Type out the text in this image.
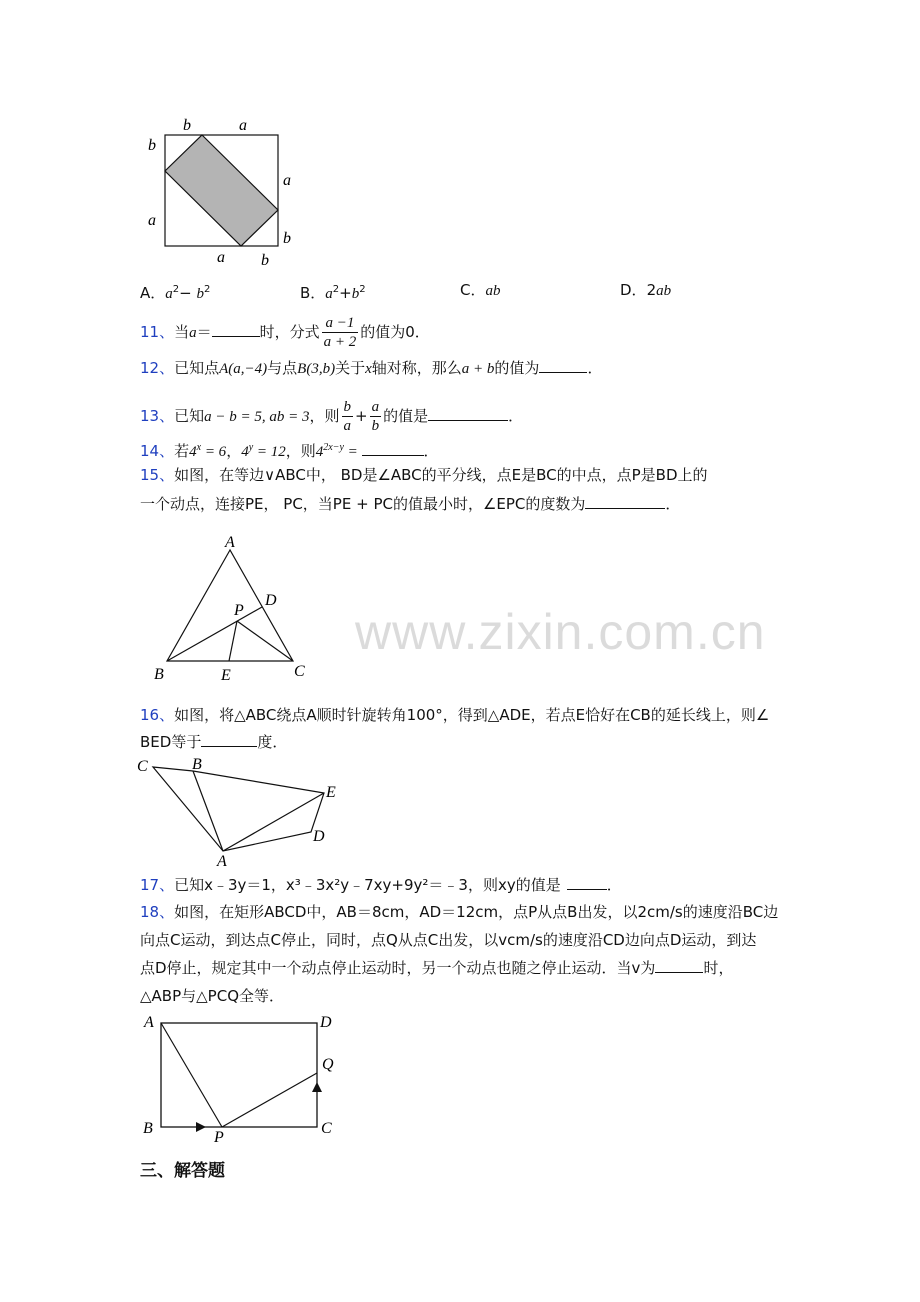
b	a
b
a
a
b
a b
A．$a^2- b^2$	B．$a^2+b^2$	C．ab	D．2ab
11、当a＝	时，分式 $\frac{a -1}{a + 2}$ 的值为0．
12、已知点A(a,−4)与点B(3,b)关于x轴对称，那么a + b的值为	．
13、已知a − b = 5, ab = 3，则 $\frac{b}{a} + \frac{a}{b}$ 的值是	．
14、若$4^x = 6$，$4^y = 12$，则$4^{2x-y}$ =	．
15、如图，在等边∨ABC中， BD是∠ABC的平分线，点E是BC的中点，点P是BD上的
一个动点，连接PE， PC，当PE + PC的值最小时，∠EPC的度数为	．
A
B	C
D
E
P www.zixin.com.cn
16、如图，将△ABC绕点A顺时针旋转角100°，得到△ADE，若点E恰好在CB的延长线上，则∠
BED等于	度．
C	B
E
D
A
17、已知x﹣3y＝1，x³﹣3x²y﹣7xy+9y²＝﹣3，则xy的值是	．
18、如图，在矩形ABCD中，AB＝8cm，AD＝12cm，点P从点B出发，以2cm/s的速度沿BC边
向点C运动，到达点C停止，同时，点Q从点C出发，以vcm/s的速度沿CD边向点D运动，到达
点D停止，规定其中一个动点停止运动时，另一个动点也随之停止运动．当v为	时，
△ABP与△PCQ全等．
A	D
B	C
Q
P
三、解答题
